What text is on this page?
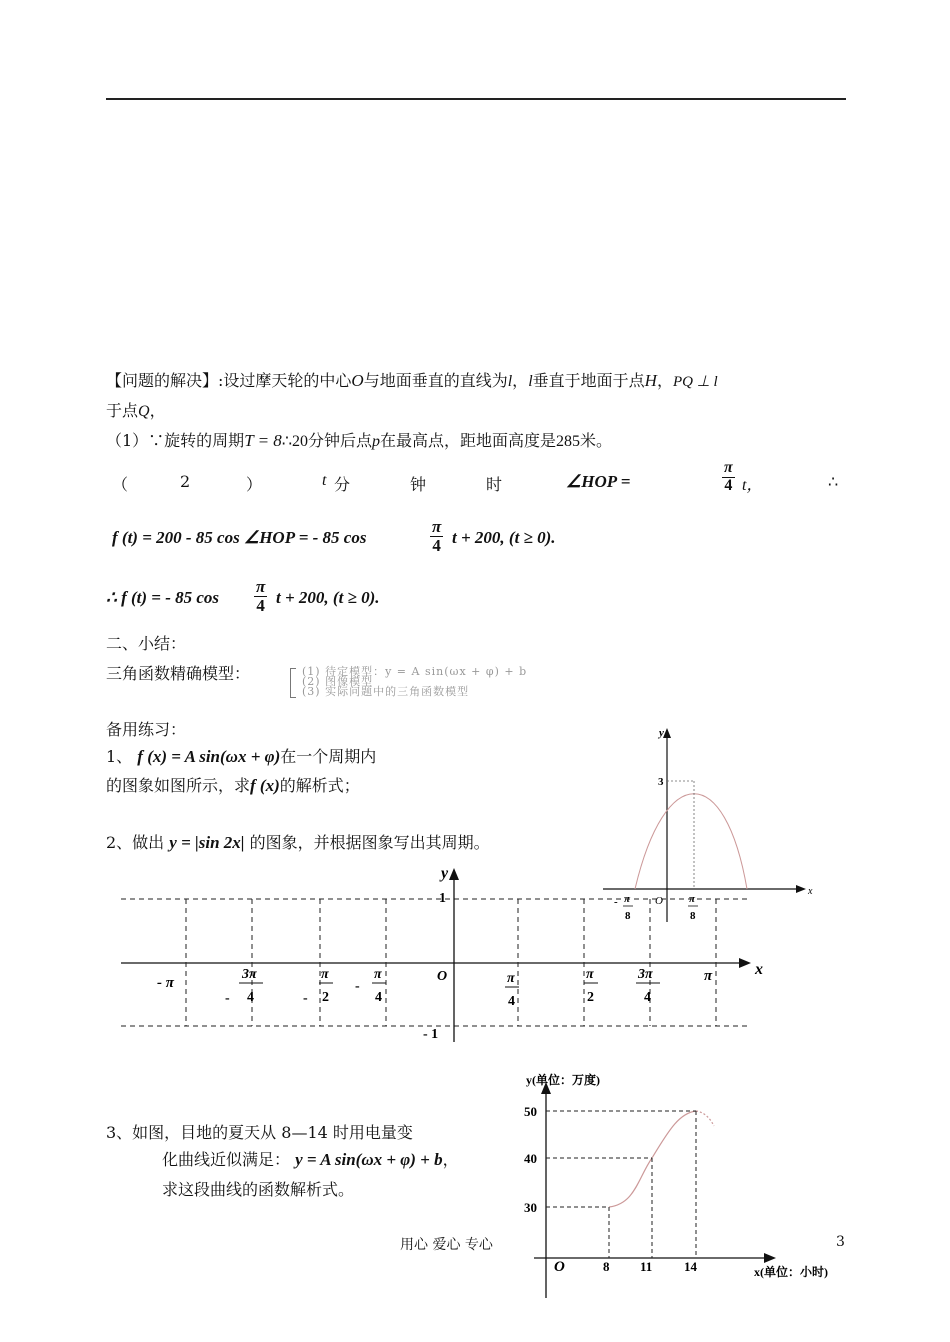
【问题的解决】:设过摩天轮的中心O与地面垂直的直线为l，l垂直于地面于点H，PQ ⊥ l
于点Q，
（1）∵旋转的周期T = 8∴20分钟后点p在最高点，距地面高度是285米。
（	2	）	t 分	钟	时	∠HOP =	$\frac{\pi}{4}$ t，	∴
f (t) = 200 - 85 cos ∠HOP = - 85 cos	$\frac{\pi}{4}$ t + 200, (t ≥ 0).
∴ f (t) = - 85 $\cos \frac{\pi}{4}$ t + 200, (t ≥ 0).
二、小结：
三角函数精确模型：	(1) 待定模型：y = A sin(ωx + φ) + b
(2) 图像模型
(3) 实际问题中的三角函数模型
备用练习：
1、 f (x) = A sin(ωx + φ)在一个周期内
的图象如图所示，求f (x)的解析式；
2、做出 y = |sin 2x| 的图象，并根据图象写出其周期。
3、如图，目地的夏天从 8—14 时用电量变
化曲线近似满足： y = A sin(ωx + φ) + b，
求这段曲线的函数解析式。
y
x
3
O
- π
8
π
8
y
x
1
- 1
O
- π
-
3π
4	-
π
2
-
π
4
π
4
π
2
3π
4
π
y(单位：万度)
x(单位：小时)
50
40
30
O	8 11 14
用心 爱心 专心	3
